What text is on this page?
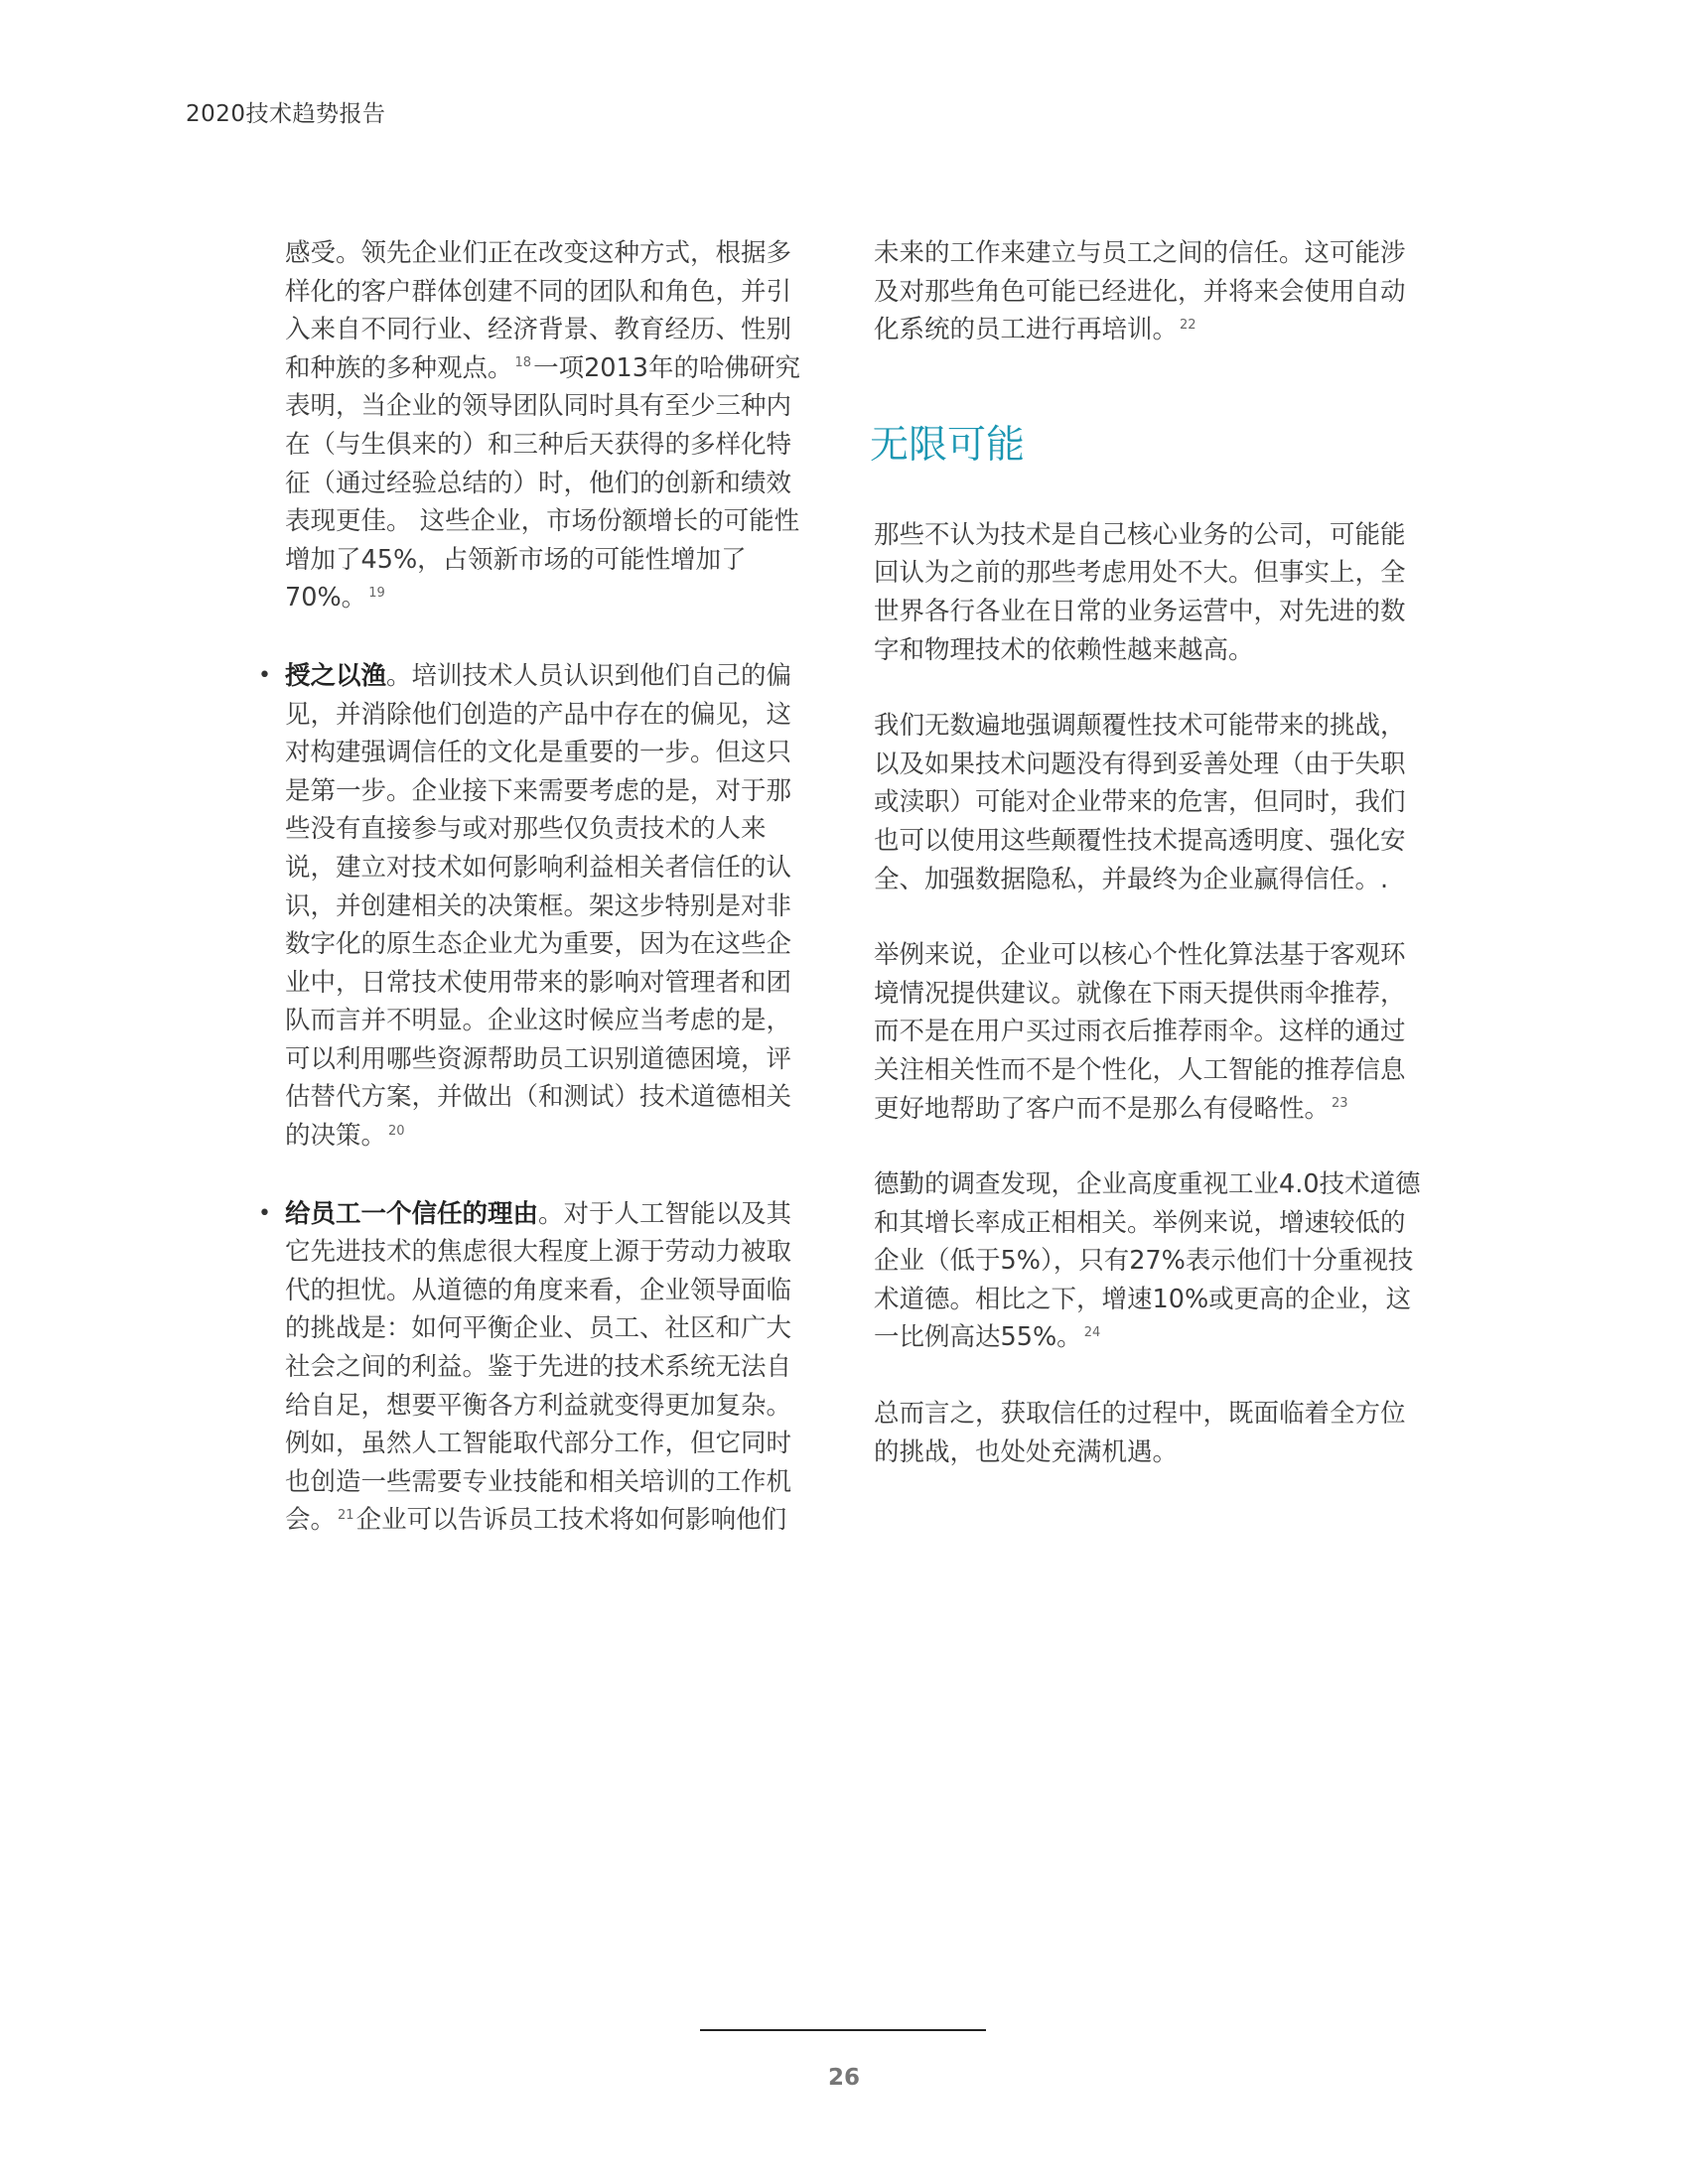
2020技术趋势报告

感受。领先企业们正在改变这种方式，根据多样化的客户群体创建不同的团队和角色，并引入来自不同行业、经济背景、教育经历、性别和种族的多种观点。 $^{18}$一项2013年的哈佛研究表明，当企业的领导团队同时具有至少三种内在（与生俱来的）和三种后天获得的多样化特征（通过经验总结的）时，他们的创新和绩效表现更佳。 这些企业，市场份额增长的可能性增加了45%，占领新市场的可能性增加了70%。 $^{19}$

• 授之以渔。培训技术人员认识到他们自己的偏见，并消除他们创造的产品中存在的偏见，这对构建强调信任的文化是重要的一步。但这只是第一步。企业接下来需要考虑的是，对于那些没有直接参与或对那些仅负责技术的人来说，建立对技术如何影响利益相关者信任的认识，并创建相关的决策框。架这步特别是对非数字化的原生态企业尤为重要，因为在这些企业中，日常技术使用带来的影响对管理者和团队而言并不明显。企业这时候应当考虑的是，可以利用哪些资源帮助员工识别道德困境，评估替代方案，并做出（和测试）技术道德相关的决策。 $^{20}$
• 给员工一个信任的理由。对于人工智能以及其它先进技术的焦虑很大程度上源于劳动力被取代的担忧。从道德的角度来看，企业领导面临的挑战是：如何平衡企业、员工、社区和广大社会之间的利益。鉴于先进的技术系统无法自给自足，想要平衡各方利益就变得更加复杂。例如，虽然人工智能取代部分工作，但它同时也创造一些需要专业技能和相关培训的工作机会。 $^{21}$企业可以告诉员工技术将如何影响他们

未来的工作来建立与员工之间的信任。这可能涉及对那些角色可能已经进化，并将来会使用自动化系统的员工进行再培训。 $^{22}$

无限可能

那些不认为技术是自己核心业务的公司，可能能回认为之前的那些考虑用处不大。但事实上，全世界各行各业在日常的业务运营中，对先进的数字和物理技术的依赖性越来越高。

我们无数遍地强调颠覆性技术可能带来的挑战，以及如果技术问题没有得到妥善处理（由于失职或渎职）可能对企业带来的危害，但同时，我们也可以使用这些颠覆性技术提高透明度、强化安全、加强数据隐私，并最终为企业赢得信任。.

举例来说，企业可以核心个性化算法基于客观环境情况提供建议。就像在下雨天提供雨伞推荐，而不是在用户买过雨衣后推荐雨伞。这样的通过关注相关性而不是个性化，人工智能的推荐信息更好地帮助了客户而不是那么有侵略性。 $^{23}$

德勤的调查发现，企业高度重视工业4.0技术道德和其增长率成正相相关。举例来说，增速较低的企业（低于5%），只有27%表示他们十分重视技术道德。相比之下，增速10%或更高的企业，这一比例高达55%。 $^{24}$

总而言之，获取信任的过程中，既面临着全方位的挑战，也处处充满机遇。

26
